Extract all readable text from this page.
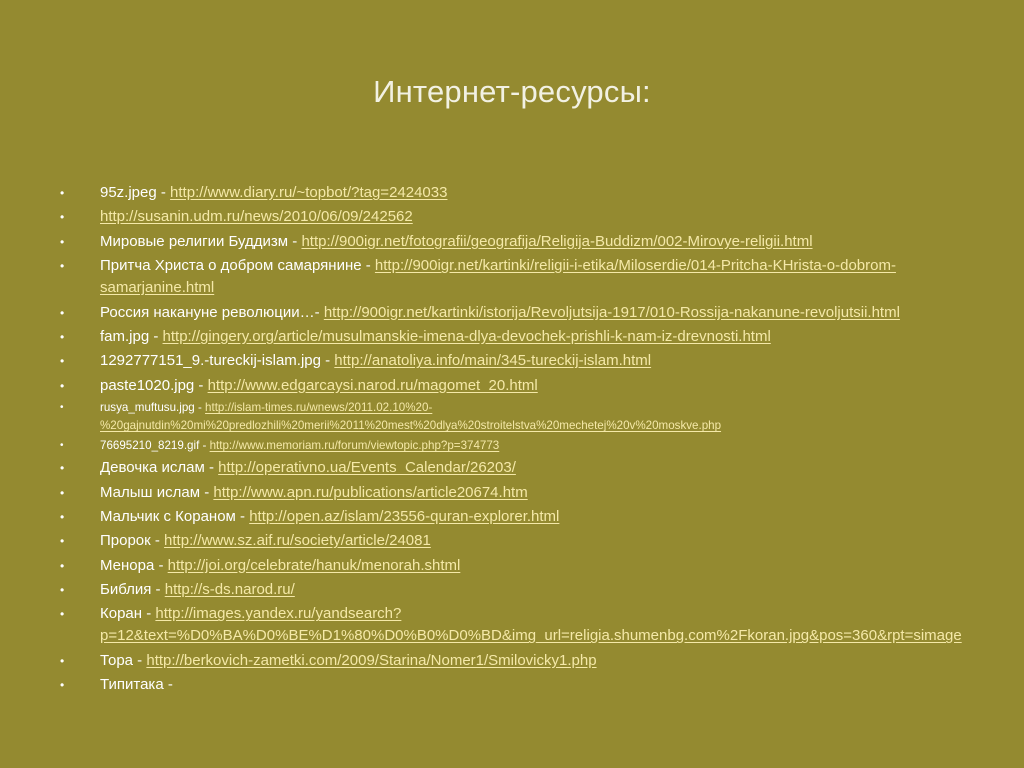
Интернет-ресурсы:
• 95z.jpeg - http://www.diary.ru/~topbot/?tag=2424033
• http://susanin.udm.ru/news/2010/06/09/242562
• Мировые религии Буддизм - http://900igr.net/fotografii/geografija/Religija-Buddizm/002-Mirovye-religii.html
• Притча Христа о добром самарянине - http://900igr.net/kartinki/religii-i-etika/Miloserdie/014-Pritcha-KHrista-o-dobrom-samarjanine.html
• Россия накануне революции…- http://900igr.net/kartinki/istorija/Revoljutsija-1917/010-Rossija-nakanune-revoljutsii.html
• fam.jpg - http://gingery.org/article/musulmanskie-imena-dlya-devochek-prishli-k-nam-iz-drevnosti.html
• 1292777151_9.-tureckij-islam.jpg - http://anatoliya.info/main/345-tureckij-islam.html
• paste1020.jpg - http://www.edgarcaysi.narod.ru/magomet_20.html
•	rusya_muftusu.jpg - http://islam-times.ru/wnews/2011.02.10%20-%20gajnutdin%20mi%20predlozhili%20merii%2011%20mest%20dlya%20stroitelstva%20mechetej%20v%20moskve.php
•	76695210_8219.gif - http://www.memoriam.ru/forum/viewtopic.php?p=374773
• Девочка ислам - http://operativno.ua/Events_Calendar/26203/
• Малыш ислам - http://www.apn.ru/publications/article20674.htm
• Мальчик с Кораном - http://open.az/islam/23556-quran-explorer.html
• Пророк - http://www.sz.aif.ru/society/article/24081
• Менора - http://joi.org/celebrate/hanuk/menorah.shtml
• Библия - http://s-ds.narod.ru/
• Коран - http://images.yandex.ru/yandsearch?p=12&text=%D0%BA%D0%BE%D1%80%D0%B0%D0%BD&img_url=religia.shumenbg.com%2Fkoran.jpg&pos=360&rpt=simage
• Тора - http://berkovich-zametki.com/2009/Starina/Nomer1/Smilovicky1.php
• Типитака -
